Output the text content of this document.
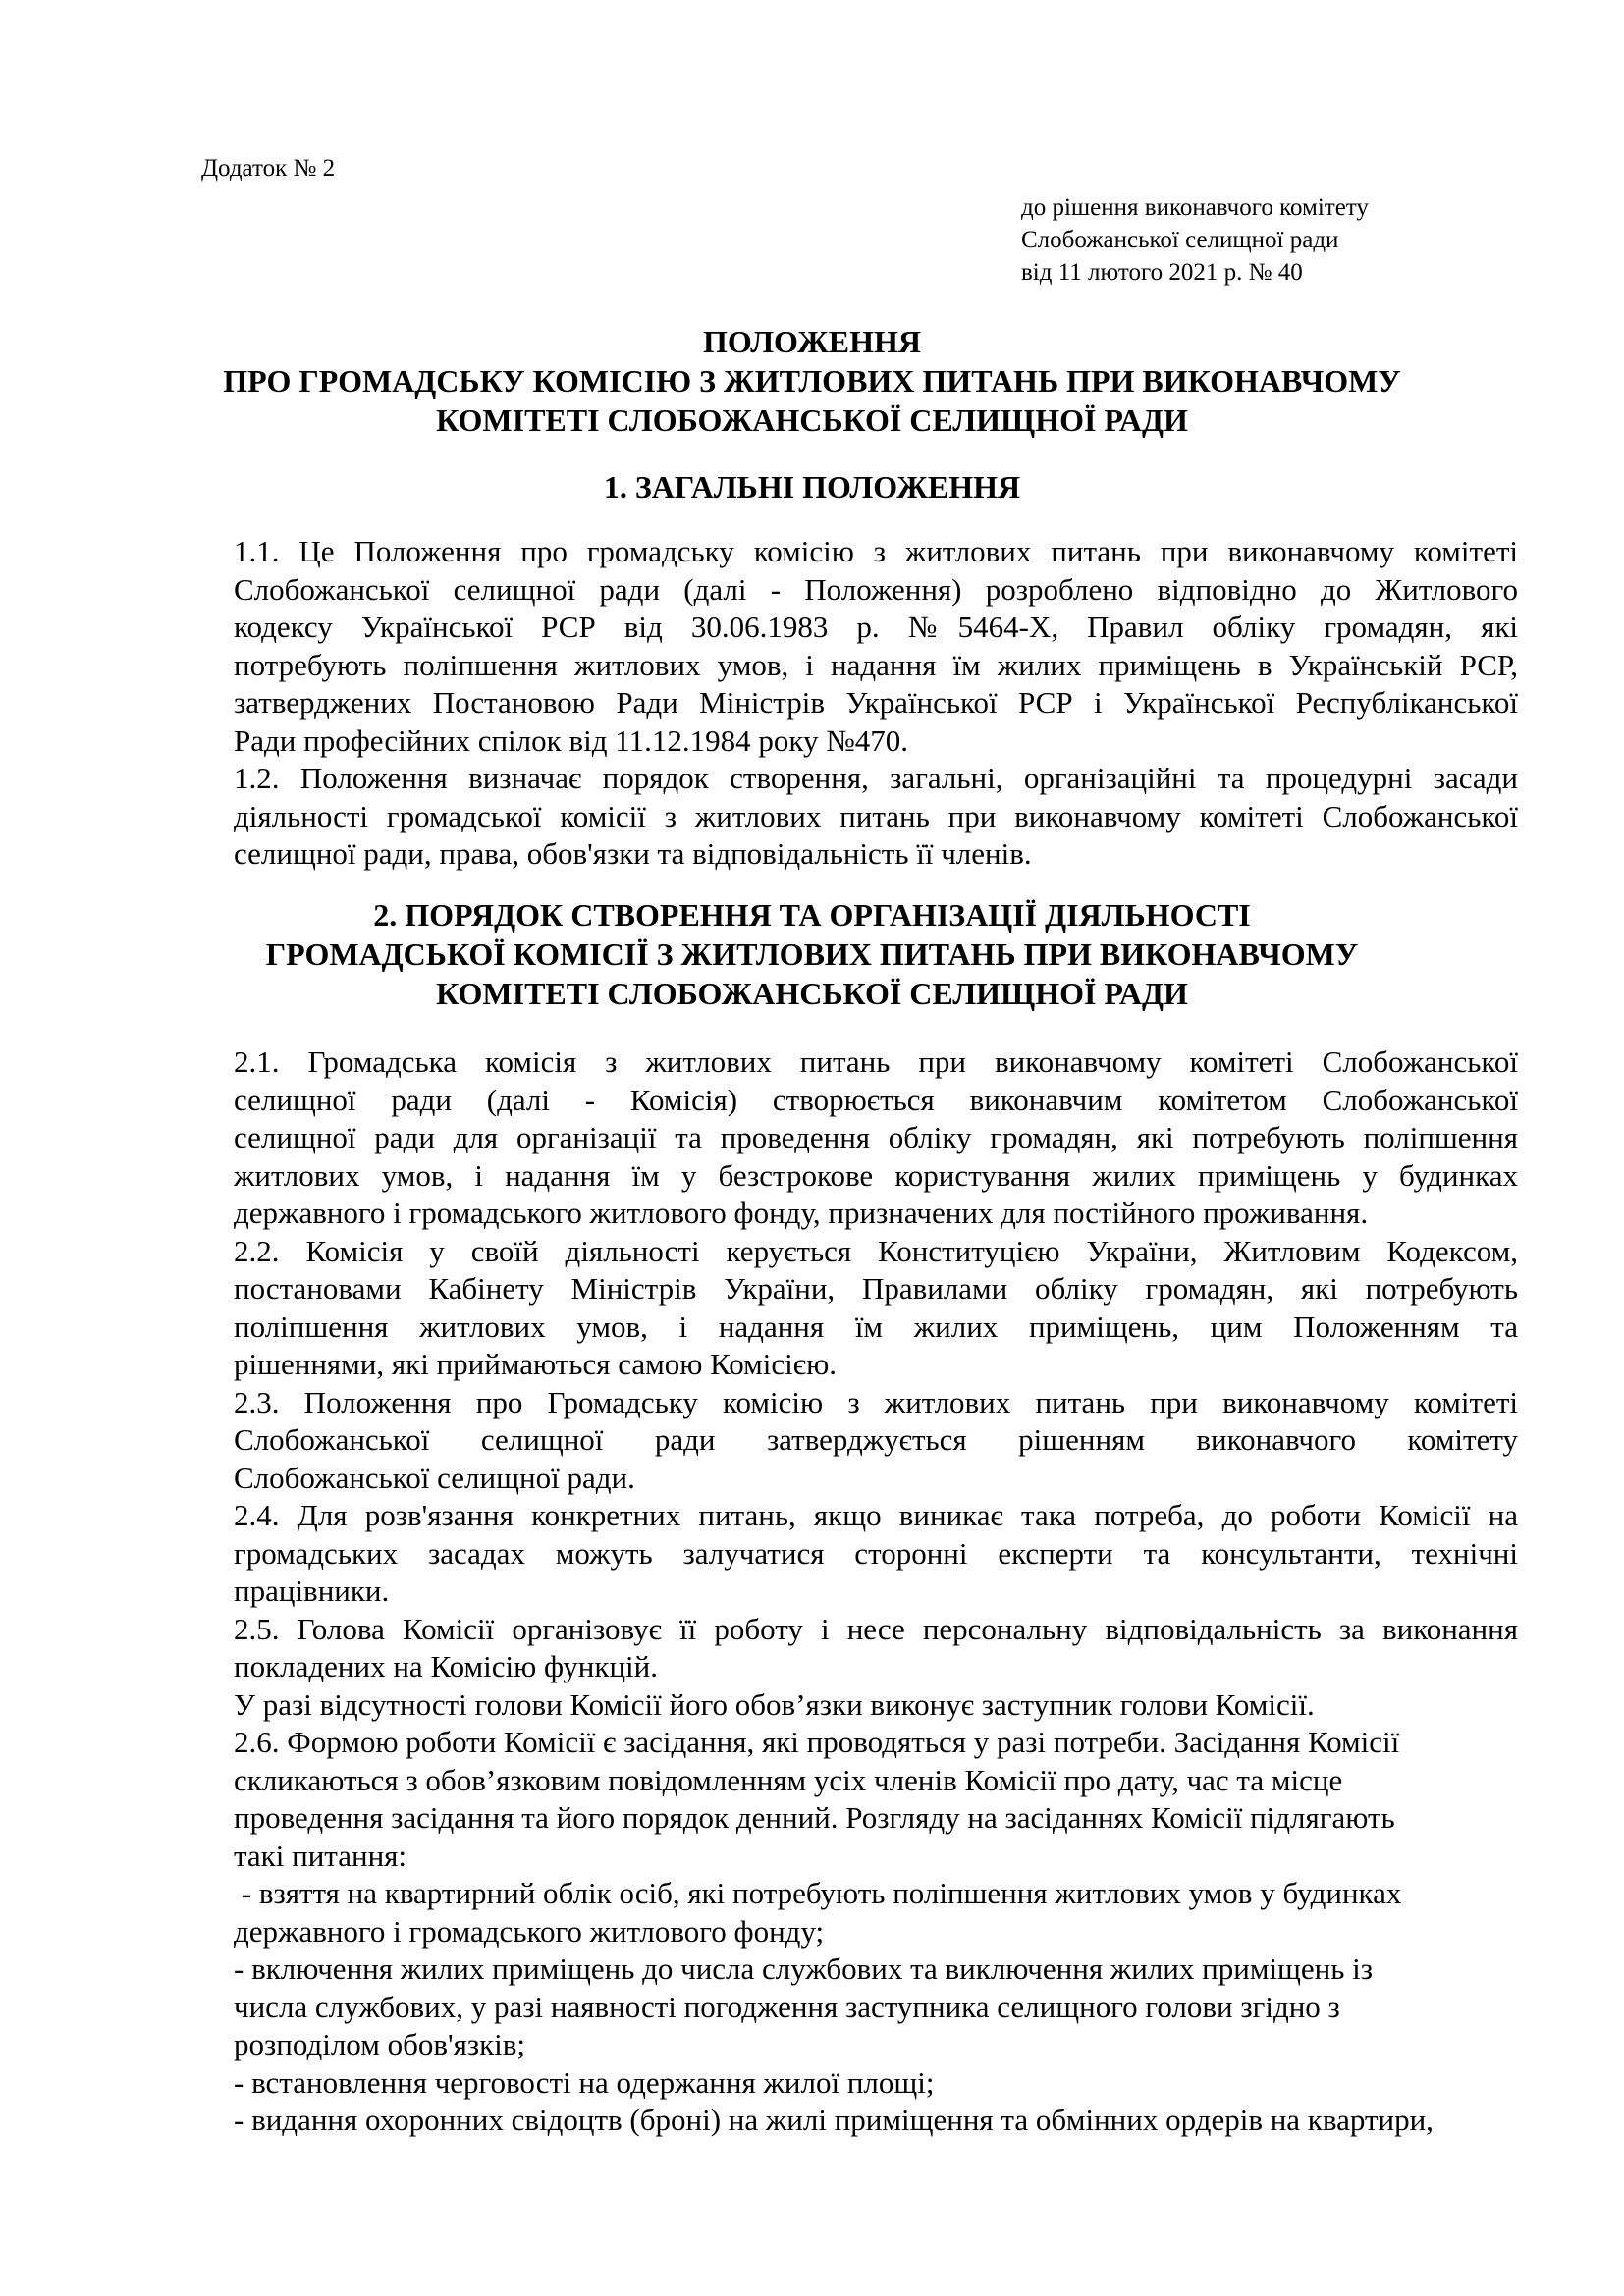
Додаток № 2
до рішення виконавчого комітету
Слобожанської селищної ради
від 11 лютого 2021 р. № 40
ПОЛОЖЕННЯ
ПРО ГРОМАДСЬКУ КОМІСІЮ З ЖИТЛОВИХ ПИТАНЬ ПРИ ВИКОНАВЧОМУ
КОМІТЕТІ СЛОБОЖАНСЬКОЇ СЕЛИЩНОЇ РАДИ
1. ЗАГАЛЬНІ ПОЛОЖЕННЯ
1.1. Це Положення про громадську комісію з житлових питань при виконавчому комітеті
Слобожанської селищної ради (далі - Положення) розроблено відповідно до Житлового
кодексу Української РСР від 30.06.1983 р. №5464-X, Правил обліку громадян, які
потребують поліпшення житлових умов, і надання їм жилих приміщень в Українській РСР,
затверджених Постановою Ради Міністрів Української РСР і Української Республіканської
Ради професійних спілок від 11.12.1984 року №470.
1.2. Положення визначає порядок створення, загальні, організаційні та процедурні засади
діяльності громадської комісії з житлових питань при виконавчому комітеті Слобожанської
селищної ради, права, обов'язки та відповідальність її членів.
2. ПОРЯДОК СТВОРЕННЯ ТА ОРГАНІЗАЦІЇ ДІЯЛЬНОСТІ
ГРОМАДСЬКОЇ КОМІСІЇ З ЖИТЛОВИХ ПИТАНЬ ПРИ ВИКОНАВЧОМУ
КОМІТЕТІ СЛОБОЖАНСЬКОЇ СЕЛИЩНОЇ РАДИ
2.1. Громадська комісія з житлових питань при виконавчому комітеті Слобожанської
селищної ради (далі - Комісія) створюється виконавчим комітетом Слобожанської
селищної ради для організації та проведення обліку громадян, які потребують поліпшення
житлових умов, і надання їм у безстрокове користування жилих приміщень у будинках
державного і громадського житлового фонду, призначених для постійного проживання.
2.2. Комісія у своїй діяльності керується Конституцією України, Житловим Кодексом,
постановами Кабінету Міністрів України, Правилами обліку громадян, які потребують
поліпшення житлових умов, і надання їм жилих приміщень, цим Положенням та
рішеннями, які приймаються самою Комісією.
2.3. Положення про Громадську комісію з житлових питань при виконавчому комітеті
Слобожанської селищної ради затверджується рішенням виконавчого комітету
Слобожанської селищної ради.
2.4. Для розв'язання конкретних питань, якщо виникає така потреба, до роботи Комісії на
громадських засадах можуть залучатися сторонні експерти та консультанти, технічні
працівники.
2.5. Голова Комісії організовує її роботу і несе персональну відповідальність за виконання
покладених на Комісію функцій.
У разі відсутності голови Комісії його обов’язки виконує заступник голови Комісії.
2.6. Формою роботи Комісії є засідання, які проводяться у разі потреби. Засідання Комісії
скликаються з обов’язковим повідомленням усіх членів Комісії про дату, час та місце
проведення засідання та його порядок денний. Розгляду на засіданнях Комісії підлягають
такі питання:
- взяття на квартирний облік осіб, які потребують поліпшення житлових умов у будинках
державного і громадського житлового фонду;
- включення жилих приміщень до числа службових та виключення жилих приміщень із
числа службових, у разі наявності погодження заступника селищного голови згідно з
розподілом обов'язків;
- встановлення черговості на одержання жилої площі;
- видання охоронних свідоцтв (броні) на жилі приміщення та обмінних ордерів на квартири,
